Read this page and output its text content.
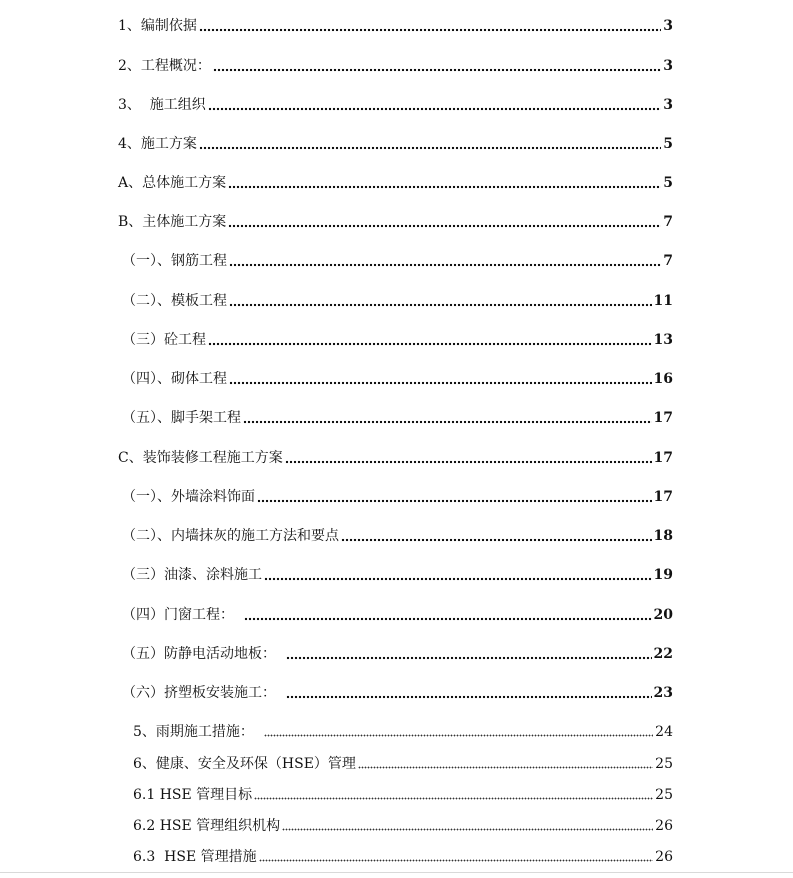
1、编制依据	3
2、工程概况：	3
3、  施工组织	3
4、施工方案	5
A、总体施工方案	5
B、主体施工方案	7
（一）、钢筋工程	7
（二）、模板工程	11
（三）砼工程	13
（四）、砌体工程	16
（五）、脚手架工程	17
C、装饰装修工程施工方案	17
（一）、外墙涂料饰面	17
（二）、内墙抹灰的施工方法和要点	18
（三）油漆、涂料施工	19
（四）门窗工程：	20
（五）防静电活动地板：	22
（六）挤塑板安装施工：	23
5、雨期施工措施：	24
6、健康、安全及环保（HSE）管理	25
6.1 HSE 管理目标	25
6.2 HSE 管理组织机构	26
6.3  HSE 管理措施	26
